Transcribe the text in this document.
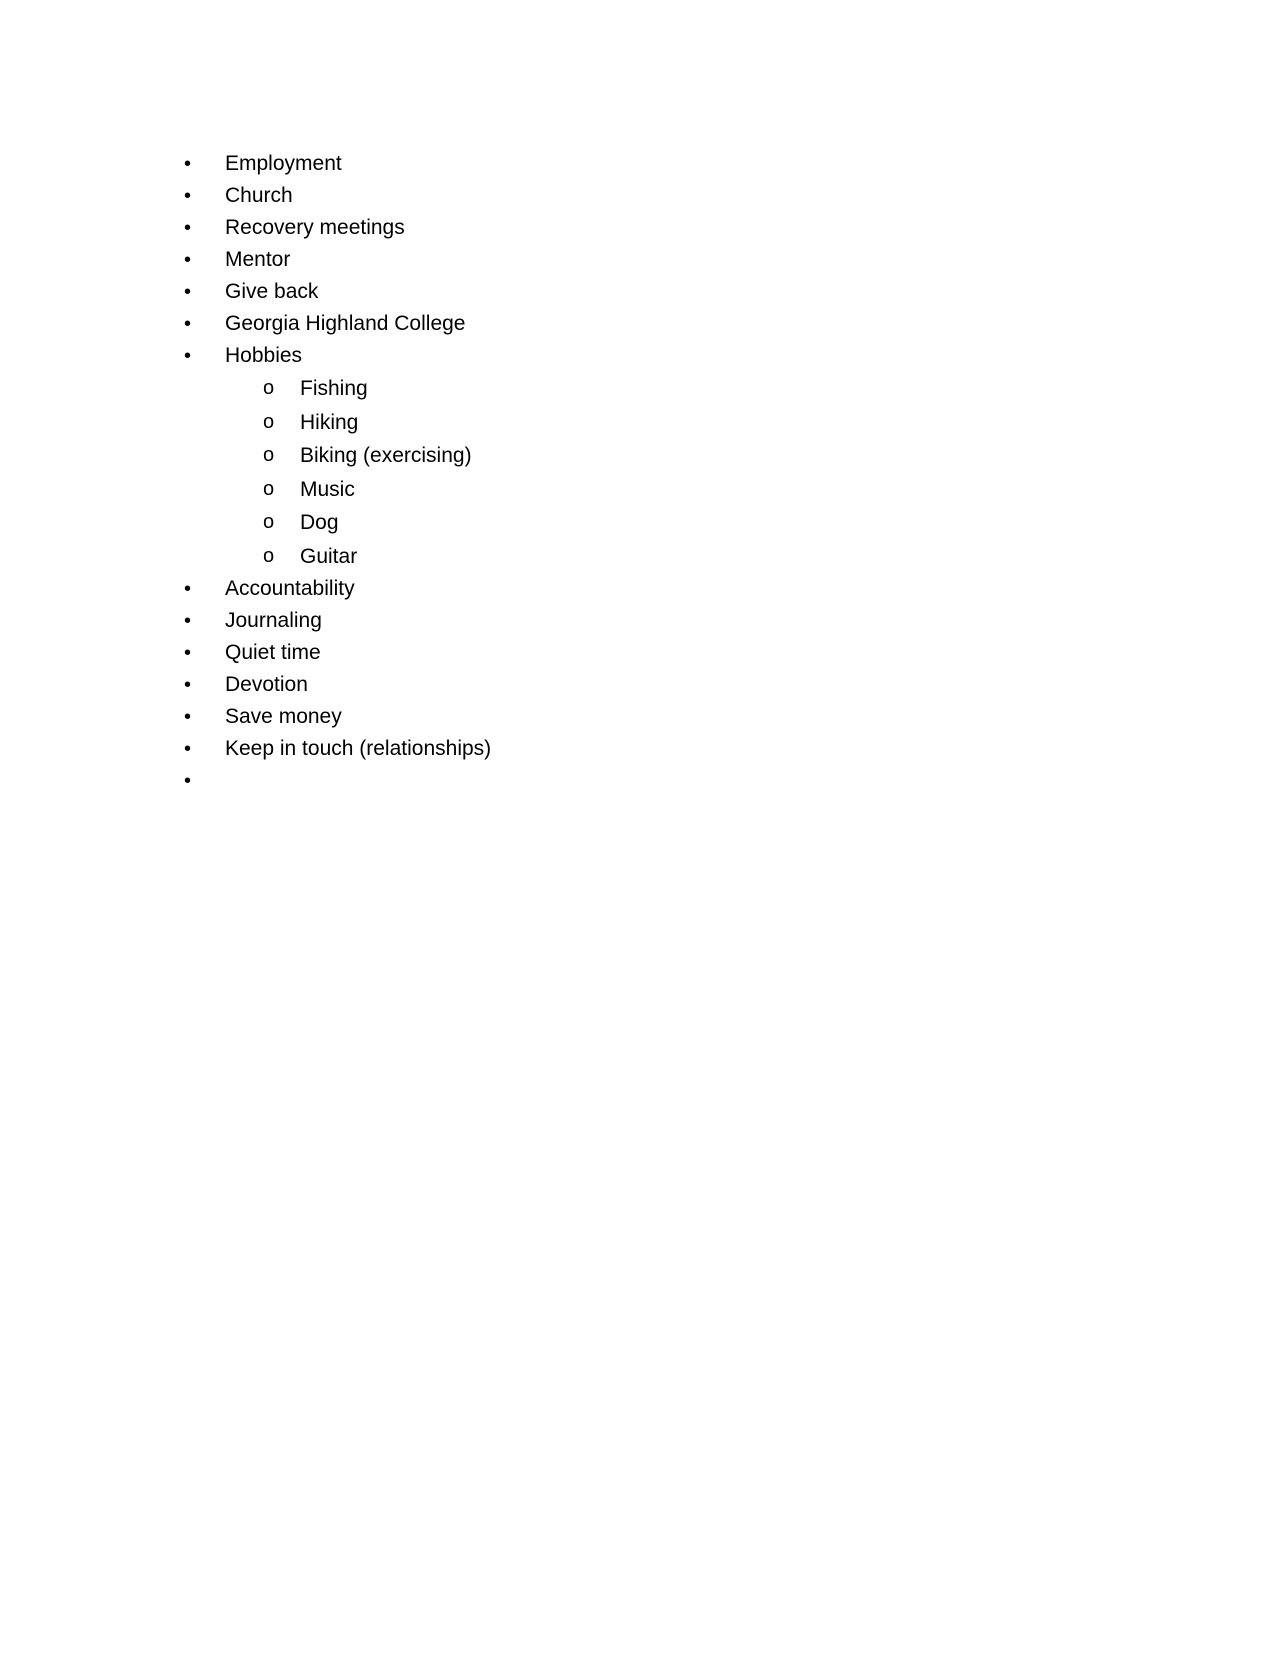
•	Employment
•	Church
•	Recovery meetings
•	Mentor
•	Give back
•	Georgia Highland College
•	Hobbies
o	Fishing
o	Hiking
o	Biking (exercising)
o	Music
o	Dog
o	Guitar
•	Accountability
•	Journaling
•	Quiet time
•	Devotion
•	Save money
•	Keep in touch (relationships)
•
